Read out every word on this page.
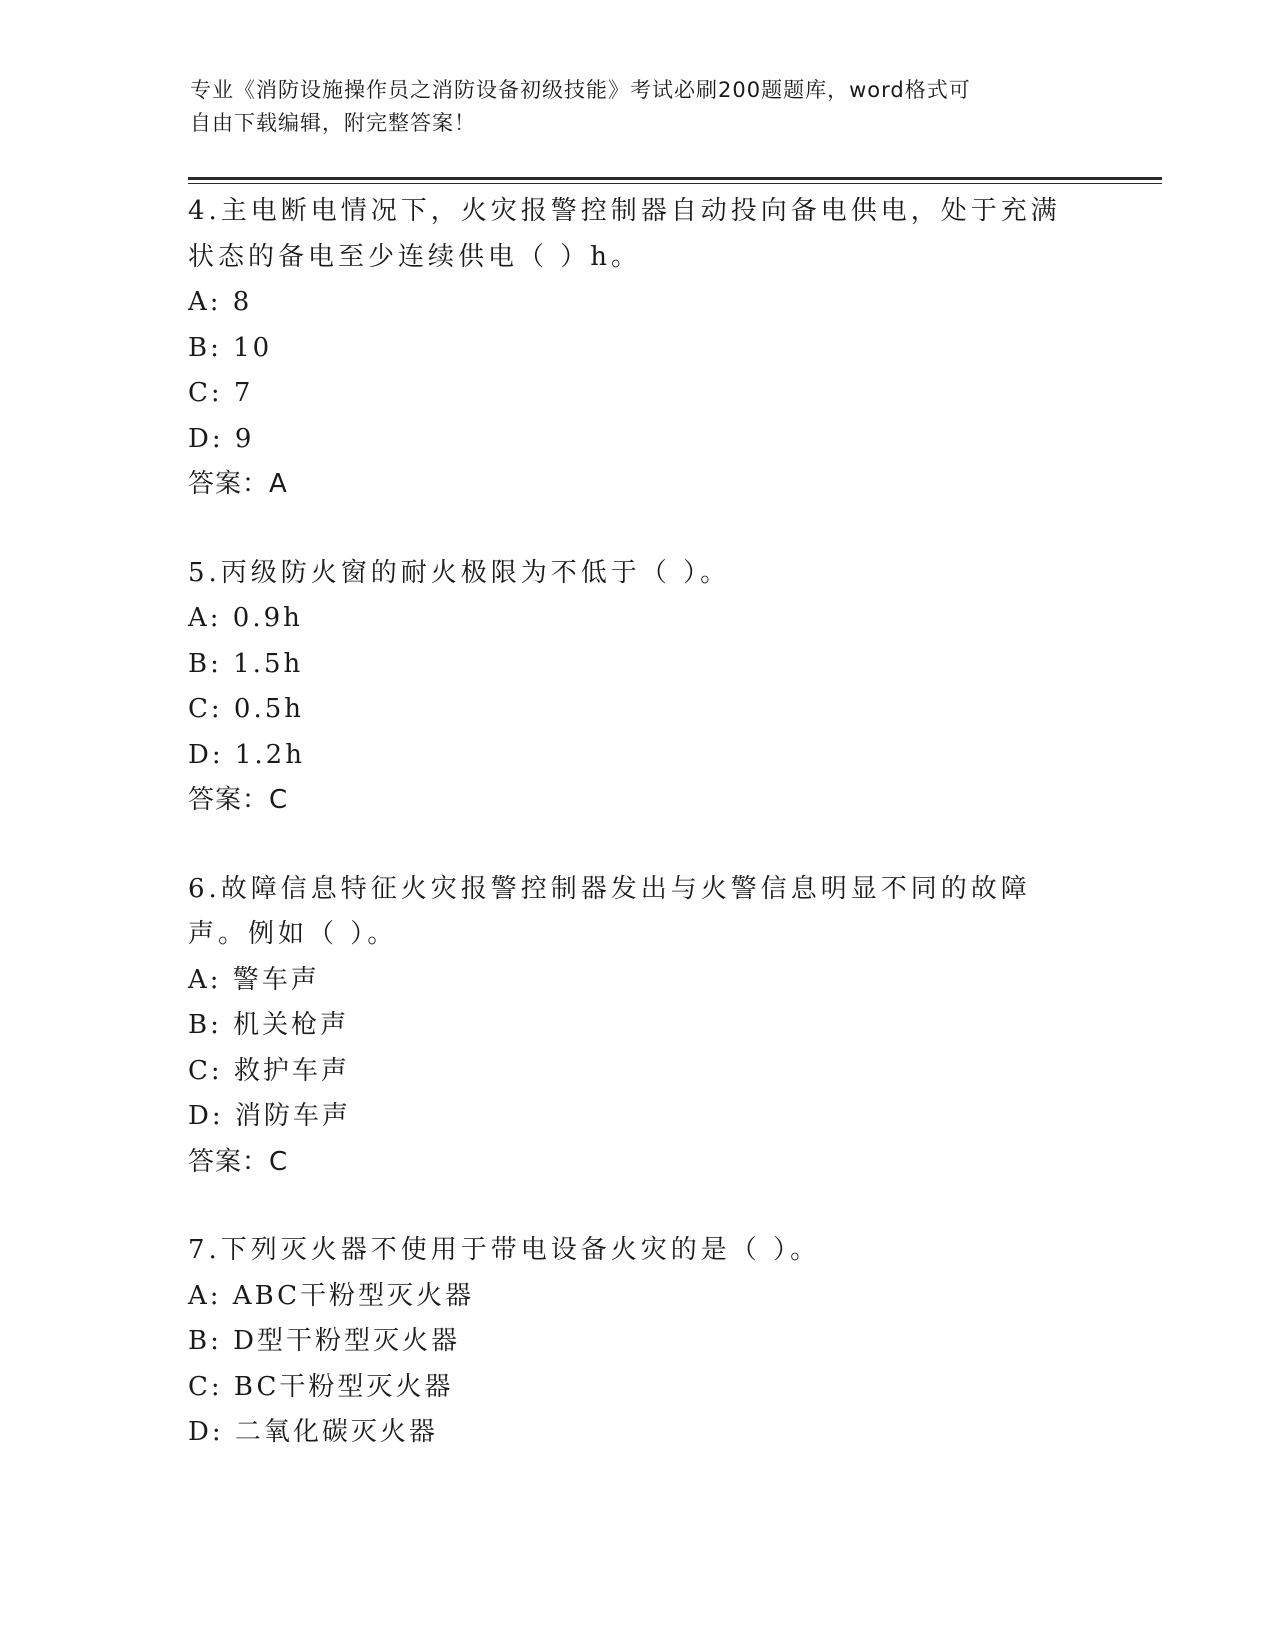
专业《消防设施操作员之消防设备初级技能》考试必刷200题题库，word格式可
自由下载编辑，附完整答案！

4.主电断电情况下，火灾报警控制器自动投向备电供电，处于充满状态的备电至少连续供电（ ）h。

A: 8

B: 10

C: 7

D: 9

答案：A

5.丙级防火窗的耐火极限为不低于（ ）。

A: 0.9h

B: 1.5h

C: 0.5h

D: 1.2h

答案：C

6.故障信息特征火灾报警控制器发出与火警信息明显不同的故障声。例如（ ）。

A: 警车声

B: 机关枪声

C: 救护车声

D: 消防车声

答案：C

7.下列灭火器不使用于带电设备火灾的是（ ）。

A: ABC干粉型灭火器

B: D型干粉型灭火器

C: BC干粉型灭火器

D: 二氧化碳灭火器
